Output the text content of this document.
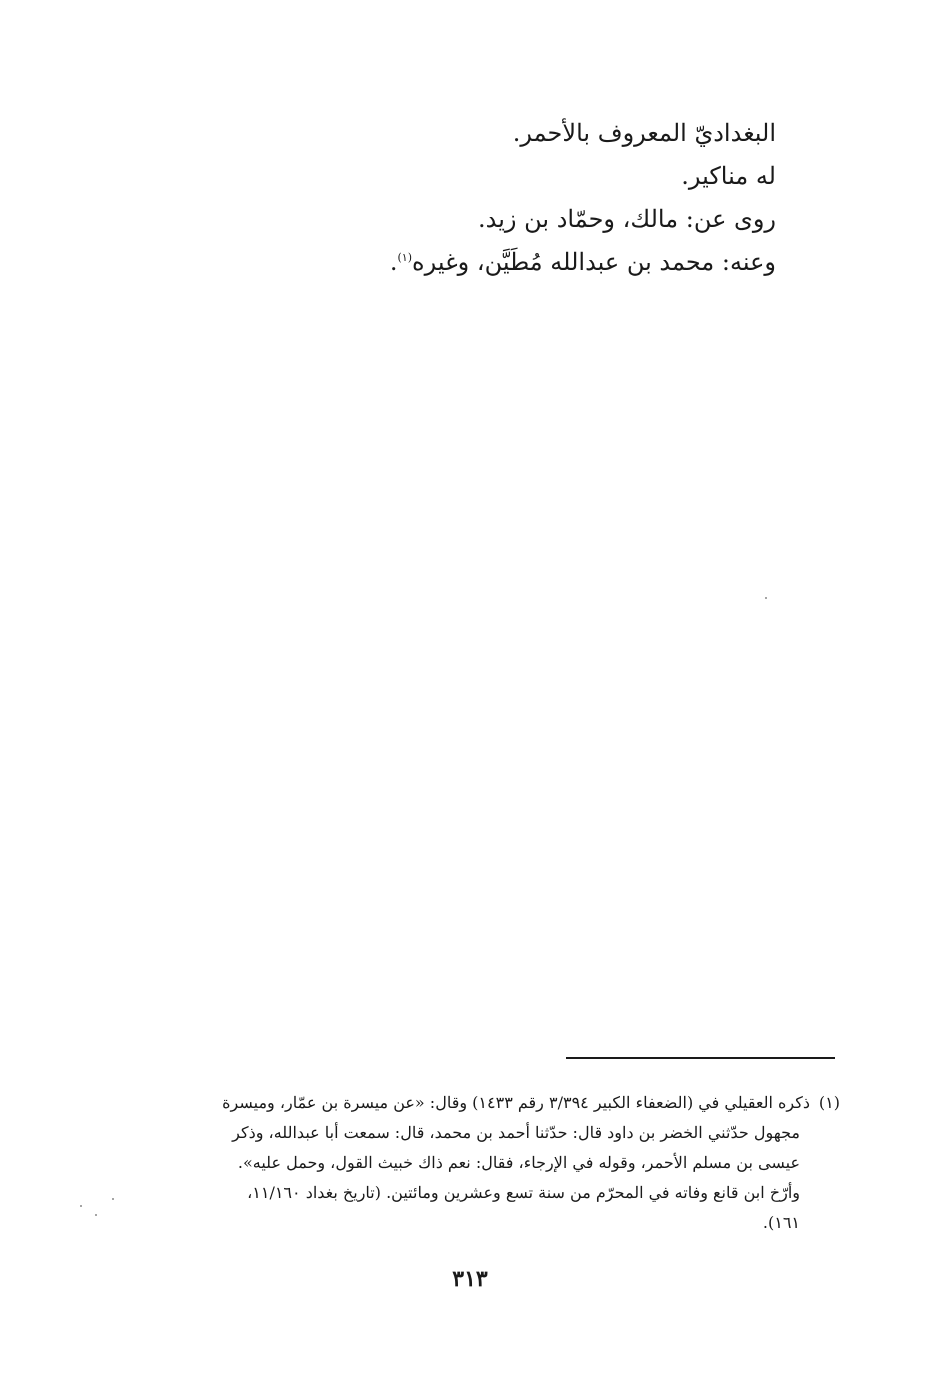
البغداديّ المعروف بالأحمر.

له مناكير.

روى عن: مالك، وحمّاد بن زيد.

وعنه: محمد بن عبدالله مُطَيَّن، وغيره$^{(١)}$.

(١)ذكره العقيلي في (الضعفاء الكبير ٣/٣٩٤ رقم ١٤٣٣) وقال: «عن ميسرة بن عمّار، وميسرة
مجهول حدّثني الخضر بن داود قال: حدّثنا أحمد بن محمد، قال: سمعت أبا عبدالله، وذكر
عيسى بن مسلم الأحمر، وقوله في الإرجاء، فقال: نعم ذاك خبيث القول، وحمل عليه».
وأرّخ ابن قانع وفاته في المحرّم من سنة تسع وعشرين ومائتين. (تاريخ بغداد ١١/١٦٠،
١٦١).
٣١٣
